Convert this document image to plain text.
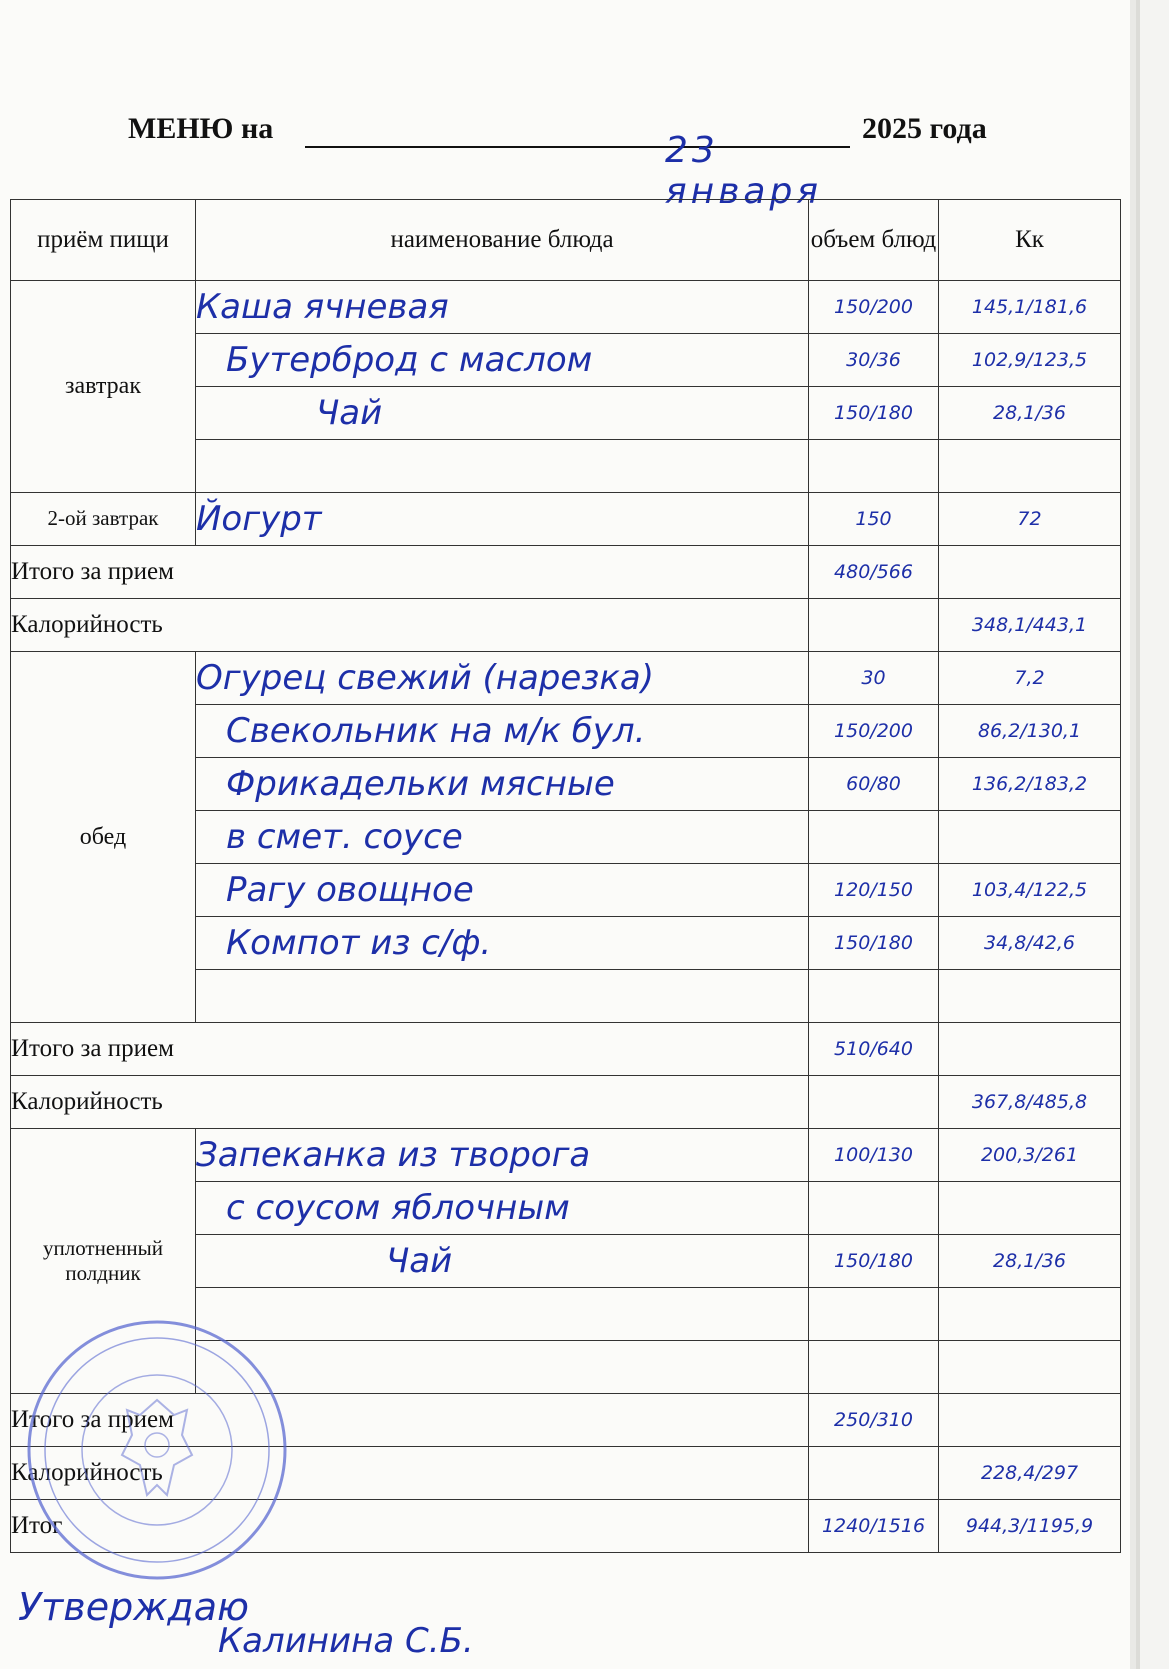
МЕНЮ на
23 января
2025 года
приём пищи	наименование блюда	объем блюд	Кк
завтрак	Каша ячневая	150/200	145,1/181,6
	Бутерброд с маслом	30/36	102,9/123,5
	Чай	150/180	28,1/36

2-ой завтрак	Йогурт	150	72
Итого за прием		480/566	
Калорийность			348,1/443,1
обед	Огурец свежий (нарезка)	30	7,2
	Свекольник на м/к бул.	150/200	86,2/130,1
	Фрикадельки мясные	60/80	136,2/183,2
	в смет. соусе		
	Рагу овощное	120/150	103,4/122,5
	Компот из с/ф.	150/180	34,8/42,6

Итого за прием		510/640	
Калорийность			367,8/485,8
уплотненный полдник	Запеканка из творога	100/130	200,3/261
	с соусом яблочным		
	Чай	150/180	28,1/36

Итого за прием		250/310	
Калорийность			228,4/297
Итог		1240/1516	944,3/1195,9
Утверждаю
Калинина С.Б.
